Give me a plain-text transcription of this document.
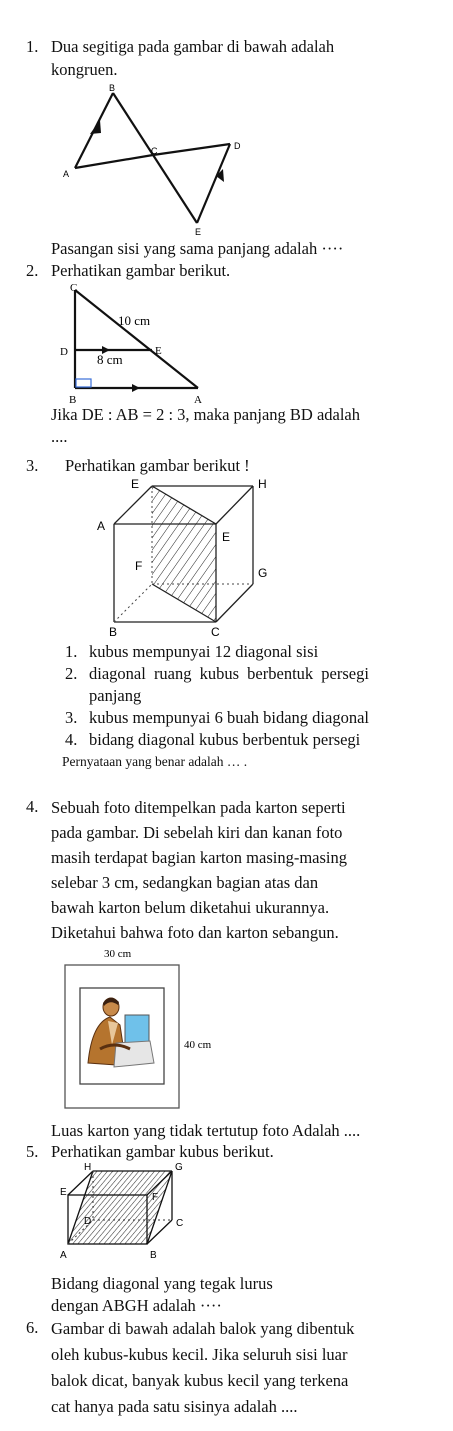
1. Dua segitiga pada gambar di bawah adalah
kongruen.
B
A
C	D
E
Pasangan sisi yang sama panjang adalah ····
2. Perhatikan gambar berikut.
C
D	E
B	A
10 cm
8 cm
Jika DE : AB = 2 : 3, maka panjang BD adalah
....
3. Perhatikan gambar berikut !
E	H
A
E
F	G
B	C
1. kubus mempunyai 12 diagonal sisi
2. diagonal ruang kubus berbentuk persegi
panjang
3. kubus mempunyai 6 buah bidang diagonal
4. bidang diagonal kubus berbentuk persegi
Pernyataan yang benar adalah … .
4. Sebuah foto ditempelkan pada karton seperti
pada gambar. Di sebelah kiri dan kanan foto
masih terdapat bagian karton masing-masing
selebar 3 cm, sedangkan bagian atas dan
bawah karton belum diketahui ukurannya.
Diketahui bahwa foto dan karton sebangun.
30 cm
40 cm
Luas karton yang tidak tertutup foto Adalah ....
5. Perhatikan gambar kubus berikut.
H	G
E	F
D	C
A	B
Bidang diagonal yang tegak lurus
dengan ABGH adalah ····
6. Gambar di bawah adalah balok yang dibentuk
oleh kubus-kubus kecil. Jika seluruh sisi luar
balok dicat, banyak kubus kecil yang terkena
cat hanya pada satu sisinya adalah ....
